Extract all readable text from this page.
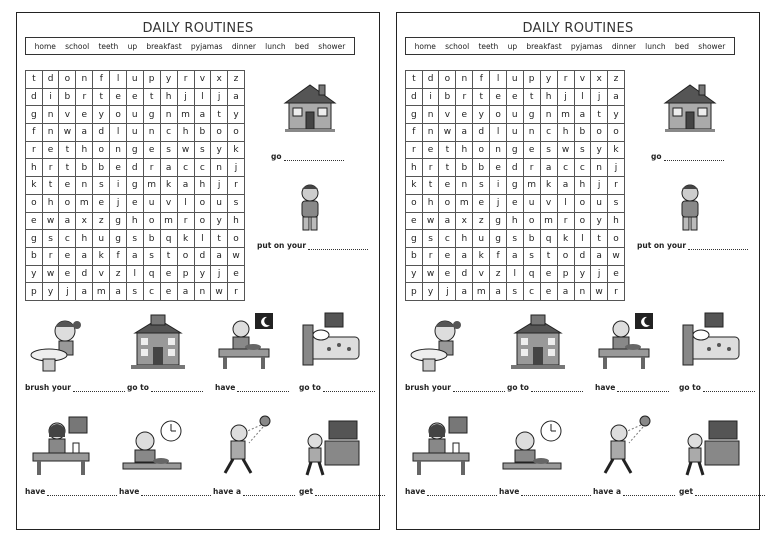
DAILY ROUTINES
home school teeth up breakfast pyjamas dinner lunch bed shower
t	d	o	n	f	l	u	p	y	r	v	x	z
d	i	b	r	t	e	e	t	h	j	l	j	a
g	n	v	e	y	o	u	g	n	m	a	t	y
f	n	w	a	d	l	u	n	c	h	b	o	o
r	e	t	h	o	n	g	e	s	w	s	y	k
h	r	t	b	b	e	d	r	a	c	c	n	j
k	t	e	n	s	i	g	m	k	a	h	j	r
o	h	o	m	e	j	e	u	v	l	o	u	s
e	w	a	x	z	g	h	o	m	r	o	y	h
g	s	c	h	u	g	s	b	q	k	l	t	o
b	r	e	a	k	f	a	s	t	o	d	a	w
y	w	e	d	v	z	l	q	e	p	y	j	e
p	y	j	a	m	a	s	c	e	a	n	w	r
go
put on your
brush your	go to	have	go to
have	have	have a	get
DAILY ROUTINES
home school teeth up breakfast pyjamas dinner lunch bed shower
t	d	o	n	f	l	u	p	y	r	v	x	z
d	i	b	r	t	e	e	t	h	j	l	j	a
g	n	v	e	y	o	u	g	n	m	a	t	y
f	n	w	a	d	l	u	n	c	h	b	o	o
r	e	t	h	o	n	g	e	s	w	s	y	k
h	r	t	b	b	e	d	r	a	c	c	n	j
k	t	e	n	s	i	g	m	k	a	h	j	r
o	h	o	m	e	j	e	u	v	l	o	u	s
e	w	a	x	z	g	h	o	m	r	o	y	h
g	s	c	h	u	g	s	b	q	k	l	t	o
b	r	e	a	k	f	a	s	t	o	d	a	w
y	w	e	d	v	z	l	q	e	p	y	j	e
p	y	j	a	m	a	s	c	e	a	n	w	r
go
put on your
brush your	go to	have	go to
have	have	have a	get
